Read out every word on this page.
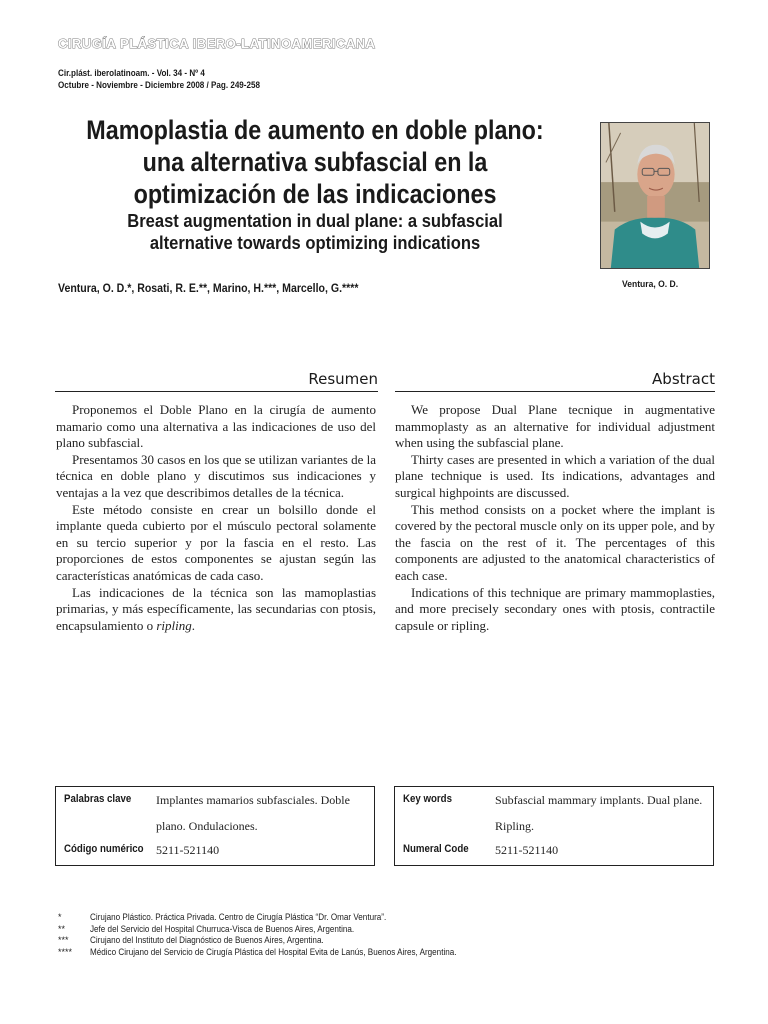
CIRUGÍA PLÁSTICA IBERO-LATINOAMERICANA
Cir.plást. iberolatinoam. - Vol. 34 - Nº 4
Octubre - Noviembre - Diciembre 2008 / Pag. 249-258
Mamoplastia de aumento en doble plano:
una alternativa subfascial en la
optimización de las indicaciones
Breast augmentation in dual plane: a subfascial
alternative towards optimizing indications
Ventura, O. D.
Ventura, O. D.*, Rosati, R. E.**, Marino, H.***, Marcello, G.****
Resumen	Abstract

Proponemos el Doble Plano en la cirugía de aumento mamario como una alternativa a las indicaciones de uso del plano subfascial.

Presentamos 30 casos en los que se utilizan variantes de la técnica en doble plano y discutimos sus indicaciones y ventajas a la vez que describimos detalles de la técnica.

Este método consiste en crear un bolsillo donde el implante queda cubierto por el músculo pectoral solamente en su tercio superior y por la fascia en el resto. Las proporciones de estos componentes se ajustan según las características anatómicas de cada caso.

Las indicaciones de la técnica son las mamoplastias primarias, y más específicamente, las secundarias con ptosis, encapsulamiento o ripling.

We propose Dual Plane tecnique in augmentative mammoplasty as an alternative for individual adjustment when using the subfascial plane.

Thirty cases are presented in which a variation of the dual plane technique is used. Its indications, advantages and surgical highpoints are discussed.

This method consists on a pocket where the implant is covered by the pectoral muscle only on its upper pole, and by the fascia on the rest of it. The percentages of this components are adjusted to the anatomical characteristics of each case.

Indications of this technique are primary mammoplasties, and more precisely secondary ones with ptosis, contractile capsule or ripling.

Palabras clave Implantes mamarios subfasciales. Doble plano. Ondulaciones.
Código numérico 5211-521140
Key words	Subfascial mammary implants. Dual plane. Ripling.
Numeral Code 5211-521140
*	Cirujano Plástico. Práctica Privada. Centro de Cirugía Plástica “Dr. Omar Ventura”.
**	Jefe del Servicio del Hospital Churruca-Visca de Buenos Aires, Argentina.
***	Cirujano del Instituto del Diagnóstico de Buenos Aires, Argentina.
****	Médico Cirujano del Servicio de Cirugía Plástica del Hospital Evita de Lanús, Buenos Aires, Argentina.
